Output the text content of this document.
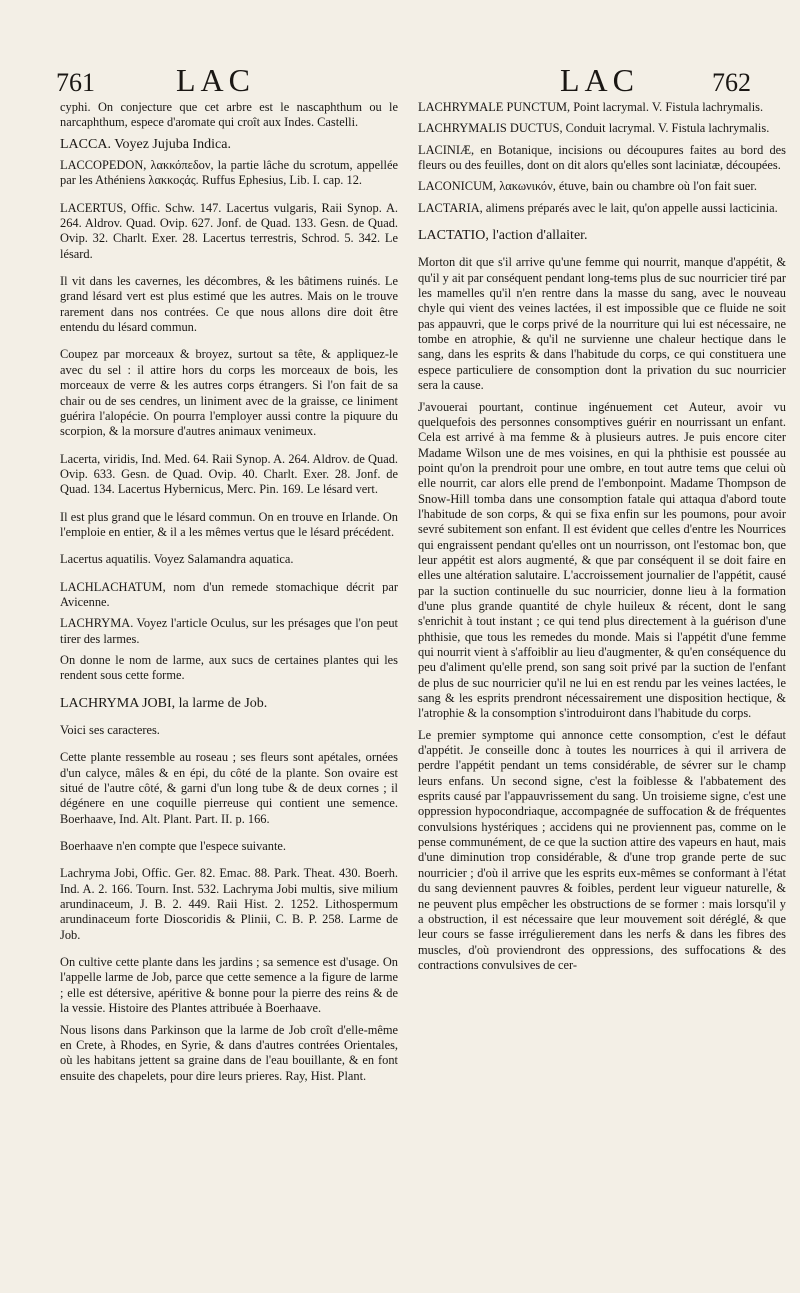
761	LAC	LAC	762

cyphi. On conjecture que cet arbre est le nascaphthum ou le narcaphthum, espece d'aromate qui croît aux Indes. Castelli.

LACCA. Voyez Jujuba Indica.

LACCOPEDON, λακκόπεδον, la partie lâche du scrotum, appellée par les Athéniens λακκοςάς. Ruffus Ephesius, Lib. I. cap. 12.

LACERTUS, Offic. Schw. 147. Lacertus vulgaris, Raii Synop. A. 264. Aldrov. Quad. Ovip. 627. Jonf. de Quad. 133. Gesn. de Quad. Ovip. 32. Charlt. Exer. 28. Lacertus terrestris, Schrod. 5. 342. Le lésard.

Il vit dans les cavernes, les décombres, & les bâtimens ruinés. Le grand lésard vert est plus estimé que les autres. Mais on le trouve rarement dans nos contrées. Ce que nous allons dire doit être entendu du lésard commun.

Coupez par morceaux & broyez, surtout sa tête, & appliquez-le avec du sel : il attire hors du corps les morceaux de bois, les morceaux de verre & les autres corps étrangers. Si l'on fait de sa chair ou de ses cendres, un liniment avec de la graisse, ce liniment guérira l'alopécie. On pourra l'employer aussi contre la piquure du scorpion, & la morsure d'autres animaux venimeux.

Lacerta, viridis, Ind. Med. 64. Raii Synop. A. 264. Aldrov. de Quad. Ovip. 633. Gesn. de Quad. Ovip. 40. Charlt. Exer. 28. Jonf. de Quad. 134. Lacertus Hybernicus, Merc. Pin. 169. Le lésard vert.

Il est plus grand que le lésard commun. On en trouve en Irlande. On l'emploie en entier, & il a les mêmes vertus que le lésard précédent.

Lacertus aquatilis. Voyez Salamandra aquatica.

LACHLACHATUM, nom d'un remede stomachique décrit par Avicenne.

LACHRYMA. Voyez l'article Oculus, sur les présages que l'on peut tirer des larmes.

On donne le nom de larme, aux sucs de certaines plantes qui les rendent sous cette forme.

LACHRYMA JOBI, la larme de Job.

Voici ses caracteres.

Cette plante ressemble au roseau ; ses fleurs sont apétales, ornées d'un calyce, mâles & en épi, du côté de la plante. Son ovaire est situé de l'autre côté, & garni d'un long tube & de deux cornes ; il dégénere en une coquille pierreuse qui contient une semence. Boerhaave, Ind. Alt. Plant. Part. II. p. 166.

Boerhaave n'en compte que l'espece suivante.

Lachryma Jobi, Offic. Ger. 82. Emac. 88. Park. Theat. 430. Boerh. Ind. A. 2. 166. Tourn. Inst. 532. Lachryma Jobi multis, sive milium arundinaceum, J. B. 2. 449. Raii Hist. 2. 1252. Lithospermum arundinaceum forte Dioscoridis & Plinii, C. B. P. 258. Larme de Job.

On cultive cette plante dans les jardins ; sa semence est d'usage. On l'appelle larme de Job, parce que cette semence a la figure de larme ; elle est détersive, apéritive & bonne pour la pierre des reins & de la vessie. Histoire des Plantes attribuée à Boerhaave.

Nous lisons dans Parkinson que la larme de Job croît d'elle-même en Crete, à Rhodes, en Syrie, & dans d'autres contrées Orientales, où les habitans jettent sa graine dans de l'eau bouillante, & en font ensuite des chapelets, pour dire leurs prieres. Ray, Hist. Plant.

LACHRYMALE PUNCTUM, Point lacrymal. V. Fistula lachrymalis.

LACHRYMALIS DUCTUS, Conduit lacrymal. V. Fistula lachrymalis.

LACINIÆ, en Botanique, incisions ou découpures faites au bord des fleurs ou des feuilles, dont on dit alors qu'elles sont laciniatæ, découpées.

LACONICUM, λακωνικόν, étuve, bain ou chambre où l'on fait suer.

LACTARIA, alimens préparés avec le lait, qu'on appelle aussi lacticinia.

LACTATIO, l'action d'allaiter.

Morton dit que s'il arrive qu'une femme qui nourrit, manque d'appétit, & qu'il y ait par conséquent pendant long-tems plus de suc nourricier tiré par les mamelles qu'il n'en rentre dans la masse du sang, avec le nouveau chyle qui vient des veines lactées, il est impossible que ce fluide ne soit pas appauvri, que le corps privé de la nourriture qui lui est nécessaire, ne tombe en atrophie, & qu'il ne survienne une chaleur hectique dans le sang, dans les esprits & dans l'habitude du corps, ce qui constituera une espece particuliere de consomption dont la privation du suc nourricier sera la cause.

J'avouerai pourtant, continue ingénuement cet Auteur, avoir vu quelquefois des personnes consomptives guérir en nourrissant un enfant. Cela est arrivé à ma femme & à plusieurs autres. Je puis encore citer Madame Wilson une de mes voisines, en qui la phthisie est poussée au point qu'on la prendroit pour une ombre, en tout autre tems que celui où elle nourrit, car alors elle prend de l'embonpoint. Madame Thompson de Snow-Hill tomba dans une consomption fatale qui attaqua d'abord toute l'habitude de son corps, & qui se fixa enfin sur les poumons, pour avoir sevré subitement son enfant. Il est évident que celles d'entre les Nourrices qui engraissent pendant qu'elles ont un nourrisson, ont l'estomac bon, que leur appétit est alors augmenté, & que par conséquent il se doit faire en elles une altération salutaire. L'accroissement journalier de l'appétit, causé par la suction continuelle du suc nourricier, donne lieu à la formation d'une plus grande quantité de chyle huileux & récent, dont le sang s'enrichit à tout instant ; ce qui tend plus directement à la guérison d'une phthisie, que tous les remedes du monde. Mais si l'appétit d'une femme qui nourrit vient à s'affoiblir au lieu d'augmenter, & qu'en conséquence du peu d'aliment qu'elle prend, son sang soit privé par la suction de l'enfant de plus de suc nourricier qu'il ne lui en est rendu par les veines lactées, le sang & les esprits prendront nécessairement une disposition hectique, & l'atrophie & la consomption s'introduiront dans l'habitude du corps.

Le premier symptome qui annonce cette consomption, c'est le défaut d'appétit. Je conseille donc à toutes les nourrices à qui il arrivera de perdre l'appétit pendant un tems considérable, de sévrer sur le champ leurs enfans. Un second signe, c'est la foiblesse & l'abbatement des esprits causé par l'appauvrissement du sang. Un troisieme signe, c'est une oppression hypocondriaque, accompagnée de suffocation & de fréquentes convulsions hystériques ; accidens qui ne proviennent pas, comme on le pense communément, de ce que la suction attire des vapeurs en haut, mais d'une diminution trop considérable, & d'une trop grande perte de suc nourricier ; d'où il arrive que les esprits eux-mêmes se conformant à l'état du sang deviennent pauvres & foibles, perdent leur vigueur naturelle, & ne peuvent plus empêcher les obstructions de se former : mais lorsqu'il y a obstruction, il est nécessaire que leur mouvement soit déréglé, & que leur cours se fasse irrégulierement dans les nerfs & dans les fibres des muscles, d'où proviendront des oppressions, des suffocations & des contractions convulsives de cer-
